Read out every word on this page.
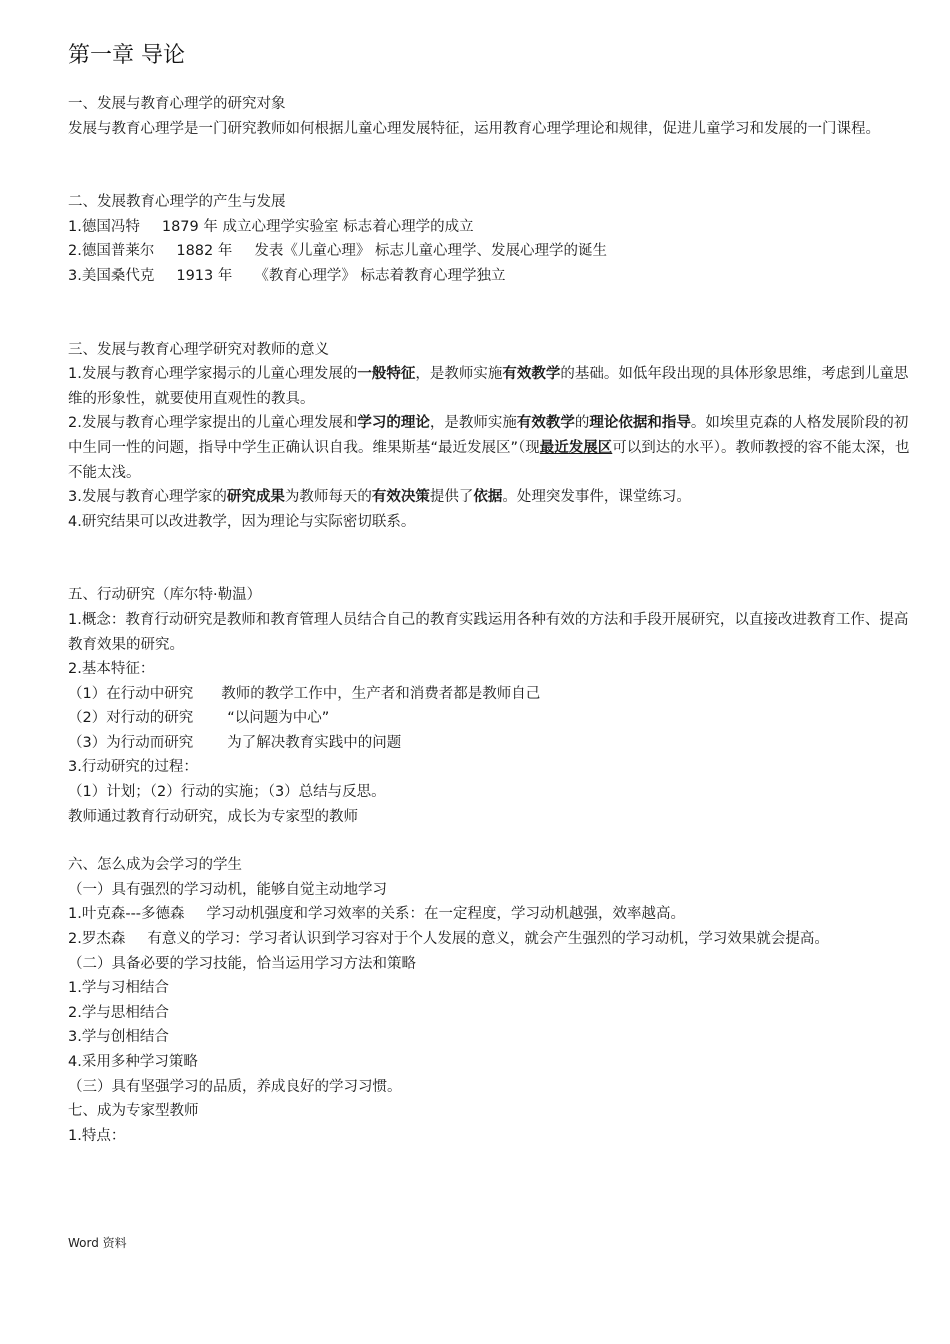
第一章 导论

一、发展与教育心理学的研究对象

发展与教育心理学是一门研究教师如何根据儿童心理发展特征，运用教育心理学理论和规律，促进儿童学习和发展的一门课程。

二、发展教育心理学的产生与发展

1.德国冯特 1879 年 成立心理学实验室 标志着心理学的成立

2.德国普莱尔 1882 年 发表《儿童心理》 标志儿童心理学、发展心理学的诞生

3.美国桑代克 1913 年 《教育心理学》 标志着教育心理学独立

三、发展与教育心理学研究对教师的意义

1.发展与教育心理学家揭示的儿童心理发展的一般特征，是教师实施有效教学的基础。如低年段出现的具体形象思维，考虑到儿童思维的形象性，就要使用直观性的教具。

2.发展与教育心理学家提出的儿童心理发展和学习的理论，是教师实施有效教学的理论依据和指导。如埃里克森的人格发展阶段的初中生同一性的问题，指导中学生正确认识自我。维果斯基“最近发展区”（现最近发展区可以到达的水平）。教师教授的容不能太深，也不能太浅。

3.发展与教育心理学家的研究成果为教师每天的有效决策提供了依据。处理突发事件，课堂练习。

4.研究结果可以改进教学，因为理论与实际密切联系。

五、行动研究（库尔特·勒温）

1.概念：教育行动研究是教师和教育管理人员结合自己的教育实践运用各种有效的方法和手段开展研究，以直接改进教育工作、提高教育效果的研究。

2.基本特征：

（1）在行动中研究 教师的教学工作中，生产者和消费者都是教师自己

（2）对行动的研究 “以问题为中心”

（3）为行动而研究 为了解决教育实践中的问题

3.行动研究的过程：

（1）计划；（2）行动的实施；（3）总结与反思。

教师通过教育行动研究，成长为专家型的教师

六、怎么成为会学习的学生

（一）具有强烈的学习动机，能够自觉主动地学习

1.叶克森---多德森 学习动机强度和学习效率的关系：在一定程度，学习动机越强，效率越高。

2.罗杰森 有意义的学习：学习者认识到学习容对于个人发展的意义，就会产生强烈的学习动机，学习效果就会提高。

（二）具备必要的学习技能，恰当运用学习方法和策略

1.学与习相结合

2.学与思相结合

3.学与创相结合

4.采用多种学习策略

（三）具有坚强学习的品质，养成良好的学习习惯。

七、成为专家型教师

1.特点：

Word 资料
